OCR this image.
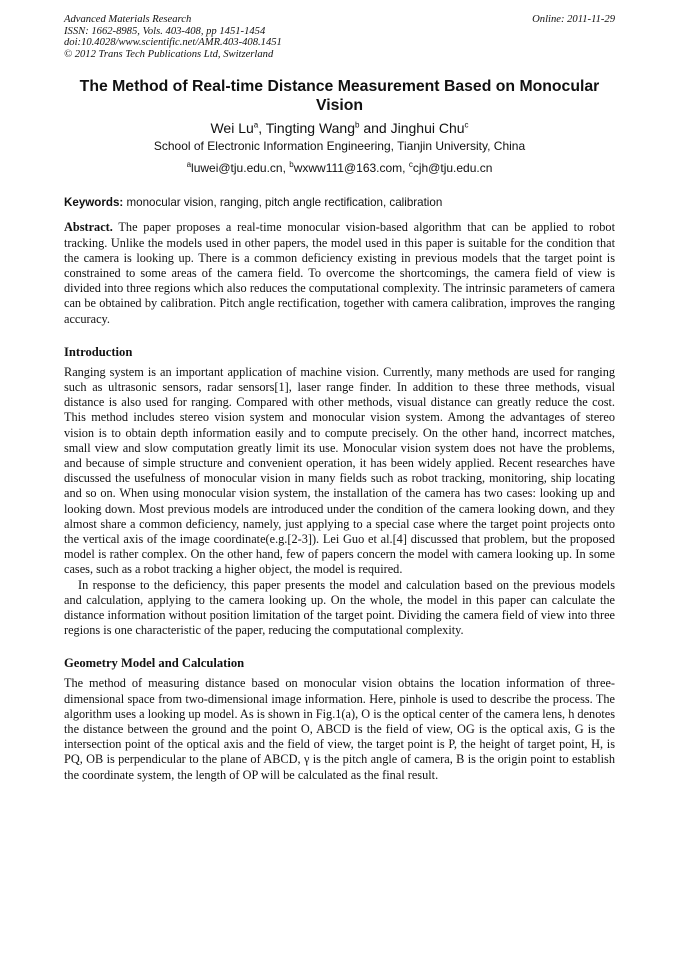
Advanced Materials Research
ISSN: 1662-8985, Vols. 403-408, pp 1451-1454
doi:10.4028/www.scientific.net/AMR.403-408.1451
© 2012 Trans Tech Publications Ltd, Switzerland
Online: 2011-11-29
The Method of Real-time Distance Measurement Based on Monocular Vision
Wei Lu$^a$, Tingting Wang$^b$ and Jinghui Chu$^c$
School of Electronic Information Engineering, Tianjin University, China
$^a$luwei@tju.edu.cn, $^b$wxww111@163.com, $^c$cjh@tju.edu.cn
Keywords: monocular vision, ranging, pitch angle rectification, calibration

Abstract. The paper proposes a real-time monocular vision-based algorithm that can be applied to robot tracking. Unlike the models used in other papers, the model used in this paper is suitable for the condition that the camera is looking up. There is a common deficiency existing in previous models that the target point is constrained to some areas of the camera field. To overcome the shortcomings, the camera field of view is divided into three regions which also reduces the computational complexity. The intrinsic parameters of camera can be obtained by calibration. Pitch angle rectification, together with camera calibration, improves the ranging accuracy.

Introduction

Ranging system is an important application of machine vision. Currently, many methods are used for ranging such as ultrasonic sensors, radar sensors[1], laser range finder. In addition to these three methods, visual distance is also used for ranging. Compared with other methods, visual distance can greatly reduce the cost. This method includes stereo vision system and monocular vision system. Among the advantages of stereo vision is to obtain depth information easily and to compute precisely. On the other hand, incorrect matches, small view and slow computation greatly limit its use. Monocular vision system does not have the problems, and because of simple structure and convenient operation, it has been widely applied. Recent researches have discussed the usefulness of monocular vision in many fields such as robot tracking, monitoring, ship locating and so on. When using monocular vision system, the installation of the camera has two cases: looking up and looking down. Most previous models are introduced under the condition of the camera looking down, and they almost share a common deficiency, namely, just applying to a special case where the target point projects onto the vertical axis of the image coordinate(e.g.[2-3]). Lei Guo et al.[4] discussed that problem, but the proposed model is rather complex. On the other hand, few of papers concern the model with camera looking up. In some cases, such as a robot tracking a higher object, the model is required.

In response to the deficiency, this paper presents the model and calculation based on the previous models and calculation, applying to the camera looking up. On the whole, the model in this paper can calculate the distance information without position limitation of the target point. Dividing the camera field of view into three regions is one characteristic of the paper, reducing the computational complexity.

Geometry Model and Calculation

The method of measuring distance based on monocular vision obtains the location information of three-dimensional space from two-dimensional image information. Here, pinhole is used to describe the process. The algorithm uses a looking up model. As is shown in Fig.1(a), O is the optical center of the camera lens, h denotes the distance between the ground and the point O, ABCD is the field of view, OG is the optical axis, G is the intersection point of the optical axis and the field of view, the target point is P, the height of target point, H, is PQ, OB is perpendicular to the plane of ABCD, γ is the pitch angle of camera, B is the origin point to establish the coordinate system, the length of OP will be calculated as the final result.
